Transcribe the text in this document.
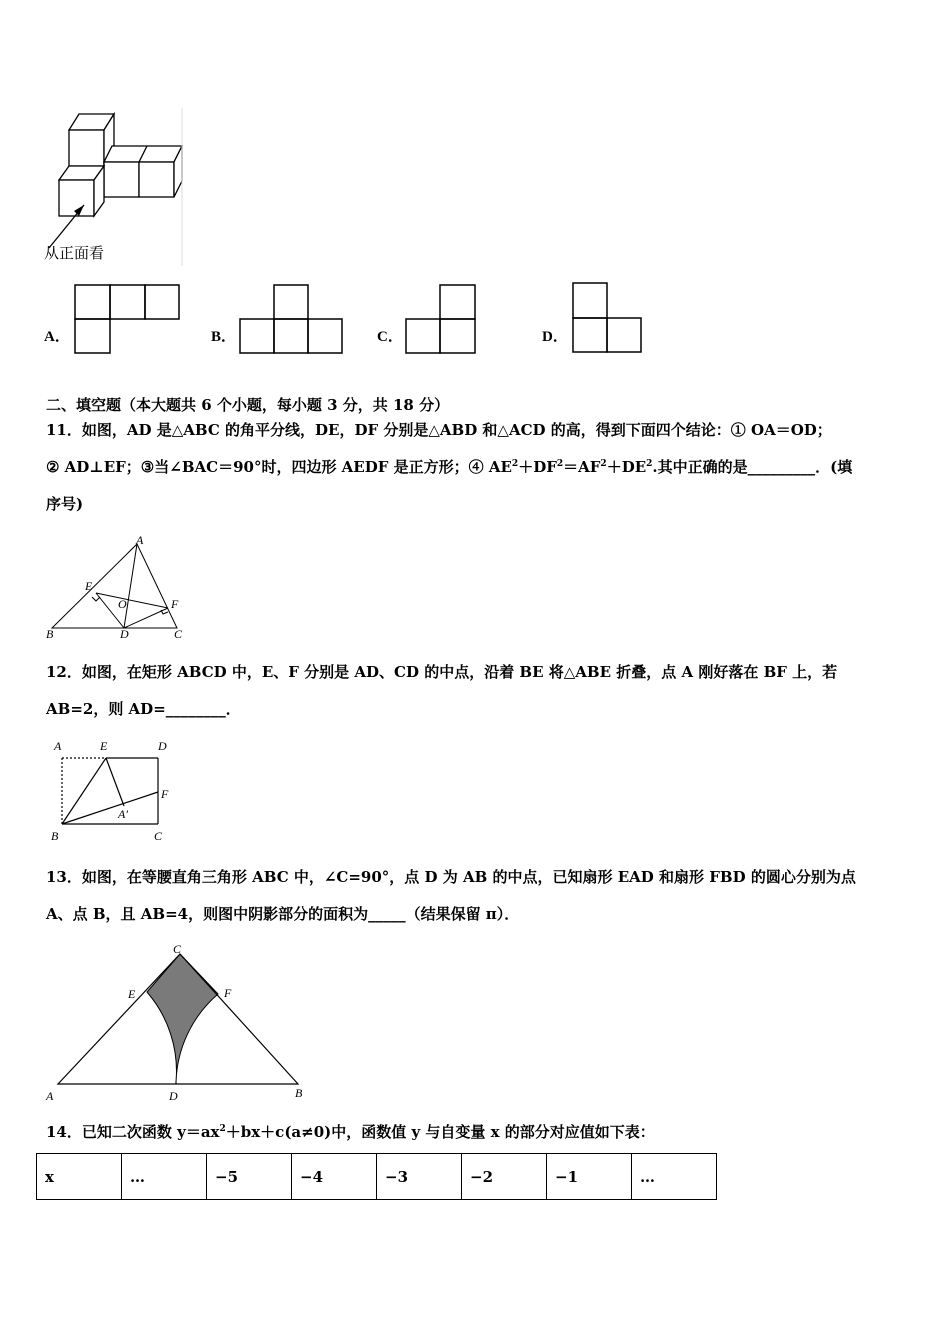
从正面看
A．	B．	C．	D．
二、填空题（本大题共 6 个小题，每小题 3 分，共 18 分）
11．如图，AD 是△ABC 的角平分线，DE，DF 分别是△ABD 和△ACD 的高，得到下面四个结论：① OA＝OD；
② AD⊥EF；③当∠BAC＝90°时，四边形 AEDF 是正方形；④ $AE^2+DF^2=AF^2+DE^2$.其中正确的是_________．(填
序号)
A
E
O	F
B	D	C
12．如图，在矩形 ABCD 中，E、F 分别是 AD、CD 的中点，沿着 BE 将△ABE 折叠，点 A 刚好落在 BF 上，若
AB=2，则 AD=________．
A	E	D
F
A′
B	C
13．如图，在等腰直角三角形 ABC 中，∠C=90°，点 D 为 AB 的中点，已知扇形 EAD 和扇形 FBD 的圆心分别为点
A、点 B，且 AB=4，则图中阴影部分的面积为_____（结果保留 π）．
C
E	F
A	D	B
14．已知二次函数 $y=ax^2+bx+c(a\ne 0)$中，函数值 y 与自变量 x 的部分对应值如下表：
x	…	−5	−4	−3	−2	−1	…
